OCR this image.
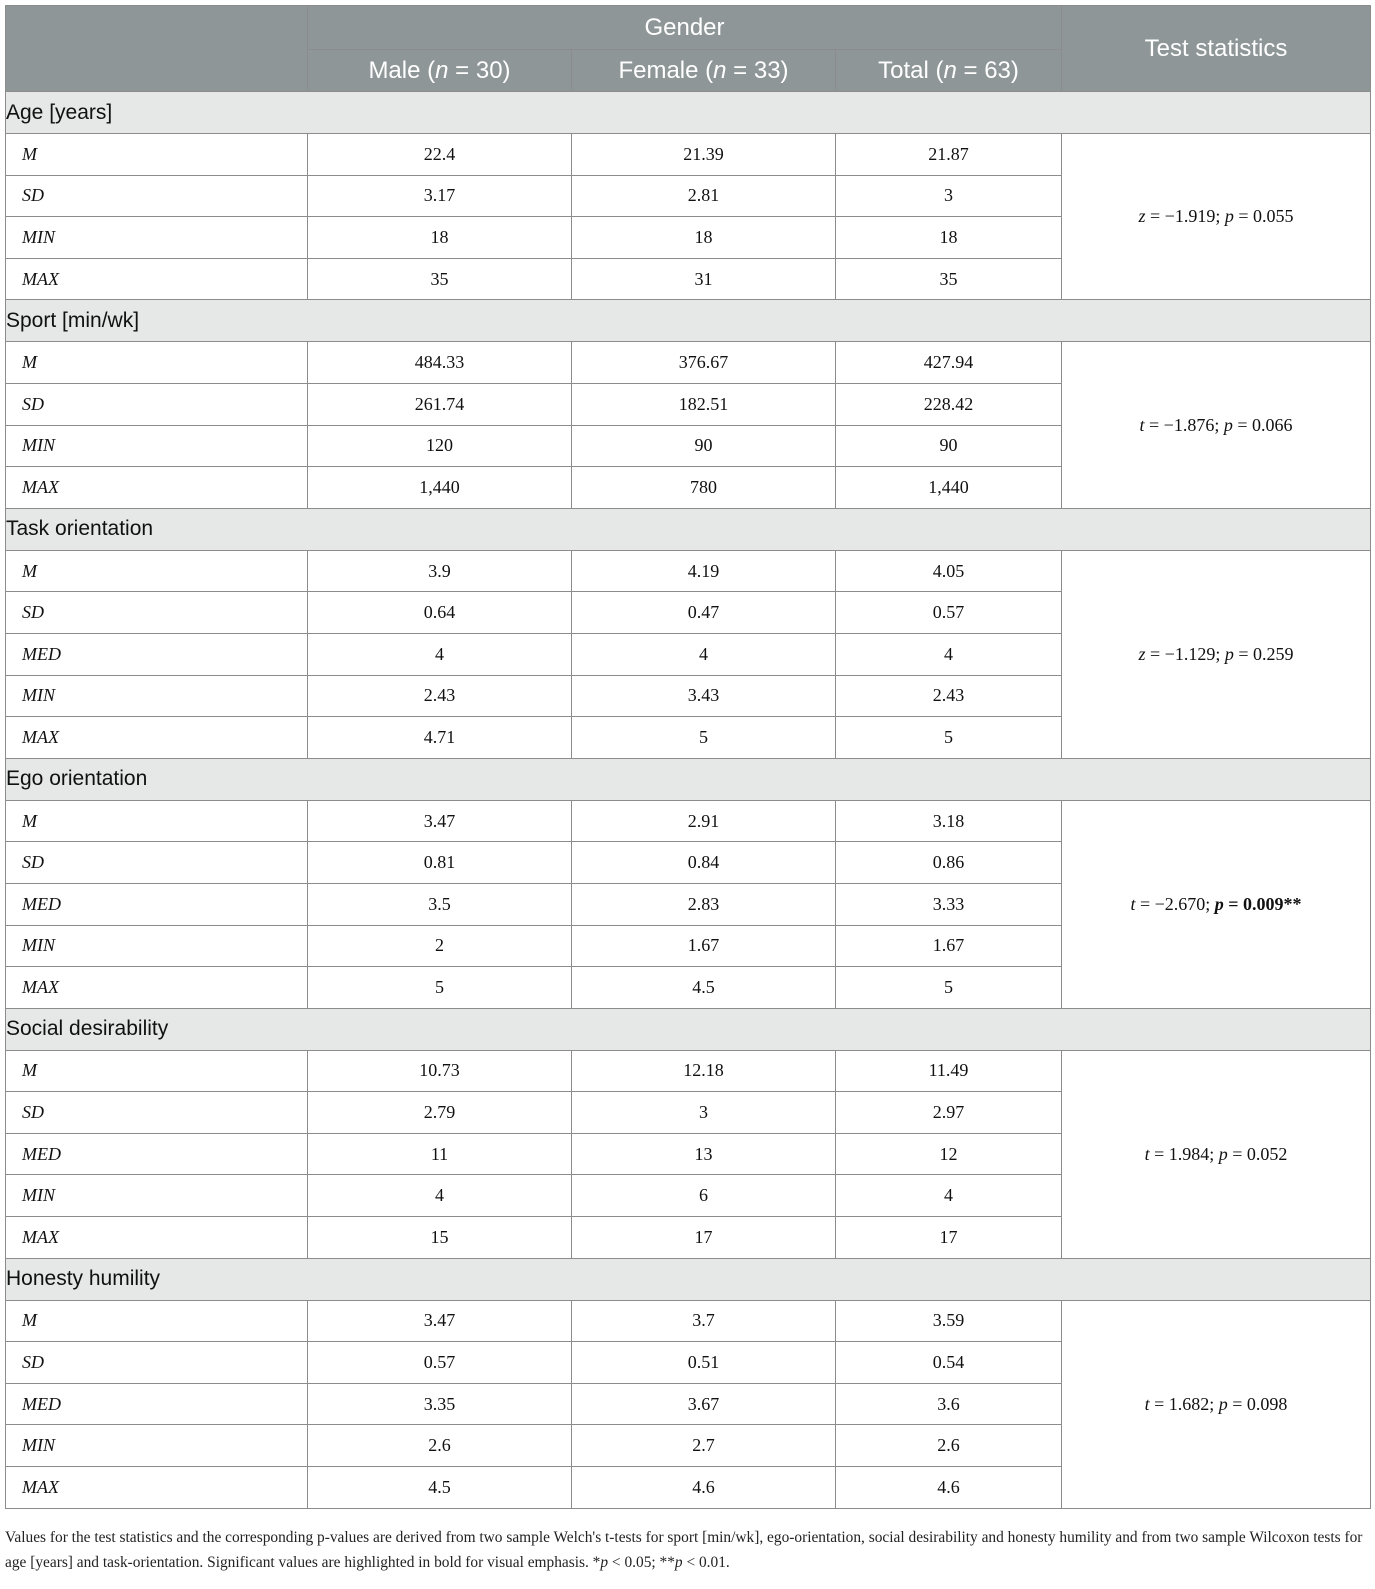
	Gender			Test statistics
	Male (n = 30)	Female (n = 33)	Total (n = 63)	
Age [years]				
M	22.4	21.39	21.87	z = −1.919; p = 0.055
SD	3.17	2.81	3	
MIN	18	18	18	
MAX	35	31	35	
Sport [min/wk]				
M	484.33	376.67	427.94	t = −1.876; p = 0.066
SD	261.74	182.51	228.42	
MIN	120	90	90	
MAX	1,440	780	1,440	
Task orientation				
M	3.9	4.19	4.05	z = −1.129; p = 0.259
SD	0.64	0.47	0.57	
MED	4	4	4	
MIN	2.43	3.43	2.43	
MAX	4.71	5	5	
Ego orientation				
M	3.47	2.91	3.18	t = −2.670; p = 0.009**
SD	0.81	0.84	0.86	
MED	3.5	2.83	3.33	
MIN	2	1.67	1.67	
MAX	5	4.5	5	
Social desirability				
M	10.73	12.18	11.49	t = 1.984; p = 0.052
SD	2.79	3	2.97	
MED	11	13	12	
MIN	4	6	4	
MAX	15	17	17	
Honesty humility				
M	3.47	3.7	3.59	t = 1.682; p = 0.098
SD	0.57	0.51	0.54	
MED	3.35	3.67	3.6	
MIN	2.6	2.7	2.6	
MAX	4.5	4.6	4.6	
Values for the test statistics and the corresponding p-values are derived from two sample Welch's t-tests for sport [min/wk], ego-orientation, social desirability and honesty humility and from two sample Wilcoxon tests for age [years] and task-orientation. Significant values are highlighted in bold for visual emphasis. *p < 0.05; **p < 0.01.
